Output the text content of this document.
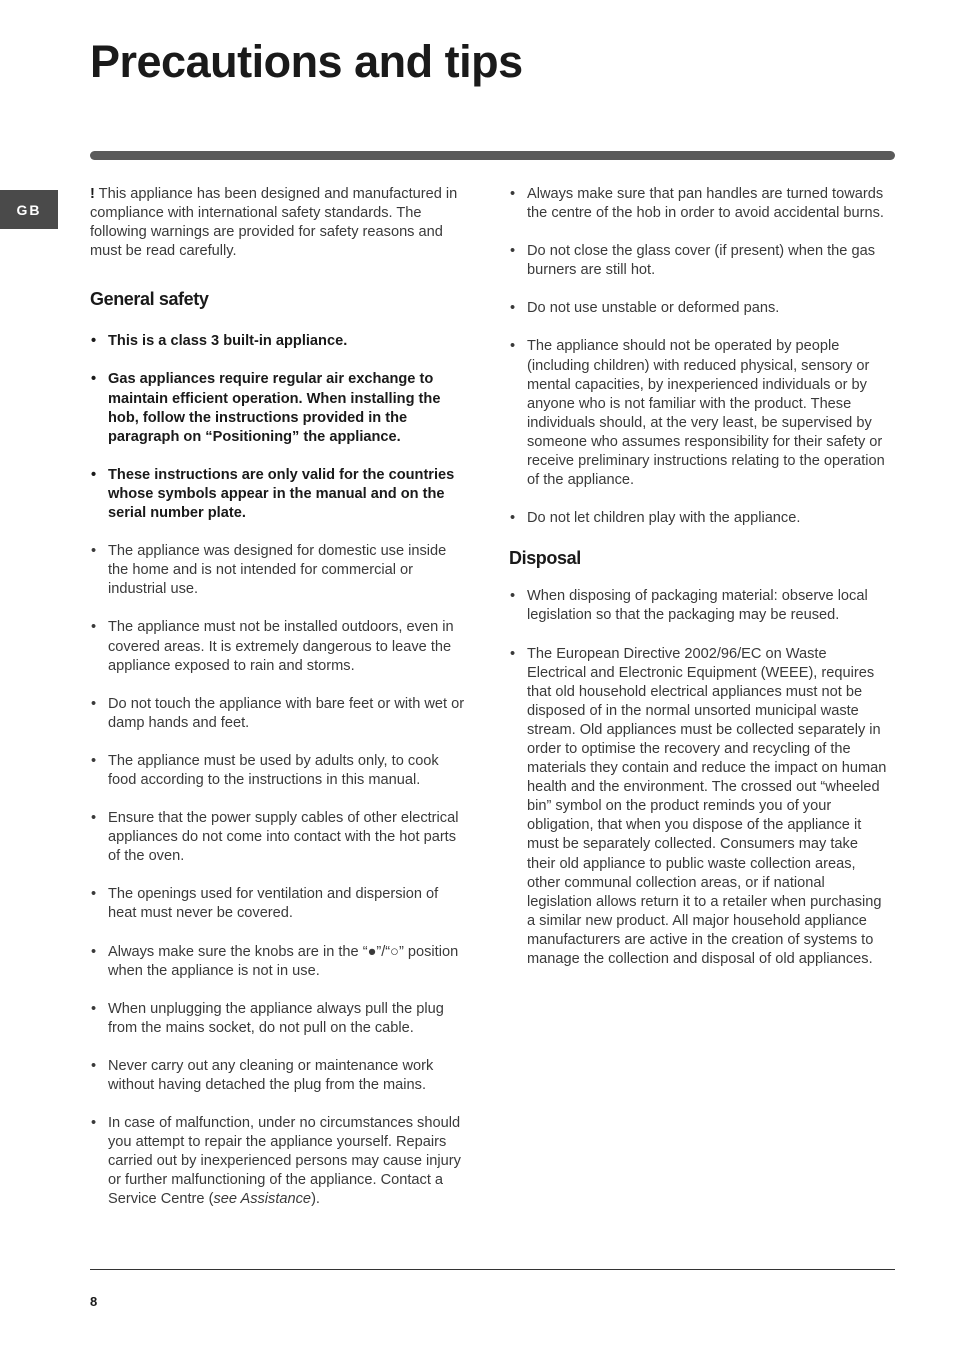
Precautions and tips
GB

! This appliance has been designed and manufactured in compliance with international safety standards. The following warnings are provided for safety reasons and must be read carefully.

General safety
• This is a class 3 built-in appliance.
• Gas appliances require regular air exchange to maintain efficient operation. When installing the hob, follow the instructions provided in the paragraph on “Positioning” the appliance.
• These instructions are only valid for the countries whose symbols appear in the manual and on the serial number plate.
• The appliance was designed for domestic use inside the home and is not intended for commercial or industrial use.
• The appliance must not be installed outdoors, even in covered areas. It is extremely dangerous to leave the appliance exposed to rain and storms.
• Do not touch the appliance with bare feet or with wet or damp hands and feet.
• The appliance must be used by adults only, to cook food according to the instructions in this manual.
• Ensure that the power supply cables of other electrical appliances do not come into contact with the hot parts of the oven.
• The openings used for ventilation and dispersion of heat must never be covered.
• Always make sure the knobs are in the “●”/“○” position when the appliance is not in use.
• When unplugging the appliance always pull the plug from the mains socket, do not pull on the cable.
• Never carry out any cleaning or maintenance work without having detached the plug from the mains.
• In case of malfunction, under no circumstances should you attempt to repair the appliance yourself. Repairs carried out by inexperienced persons may cause injury or further malfunctioning of the appliance. Contact a Service Centre (see Assistance).
• Always make sure that pan handles are turned towards the centre of the hob in order to avoid accidental burns.
• Do not close the glass cover (if present) when the gas burners are still hot.
• Do not use unstable or deformed pans.
• The appliance should not be operated by people (including children) with reduced physical, sensory or mental capacities, by inexperienced individuals or by anyone who is not familiar with the product. These individuals should, at the very least, be supervised by someone who assumes responsibility for their safety or receive preliminary instructions relating to the operation of the appliance.
• Do not let children play with the appliance.
Disposal
• When disposing of packaging material: observe local legislation so that the packaging may be reused.
• The European Directive 2002/96/EC on Waste Electrical and Electronic Equipment (WEEE), requires that old household electrical appliances must not be disposed of in the normal unsorted municipal waste stream. Old appliances must be collected separately in order to optimise the recovery and recycling of the materials they contain and reduce the impact on human health and the environment. The crossed out “wheeled bin” symbol on the product reminds you of your obligation, that when you dispose of the appliance it must be separately collected. Consumers may take their old appliance to public waste collection areas, other communal collection areas, or if national legislation allows return it to a retailer when purchasing a similar new product. All major household appliance manufacturers are active in the creation of systems to manage the collection and disposal of old appliances.
8
